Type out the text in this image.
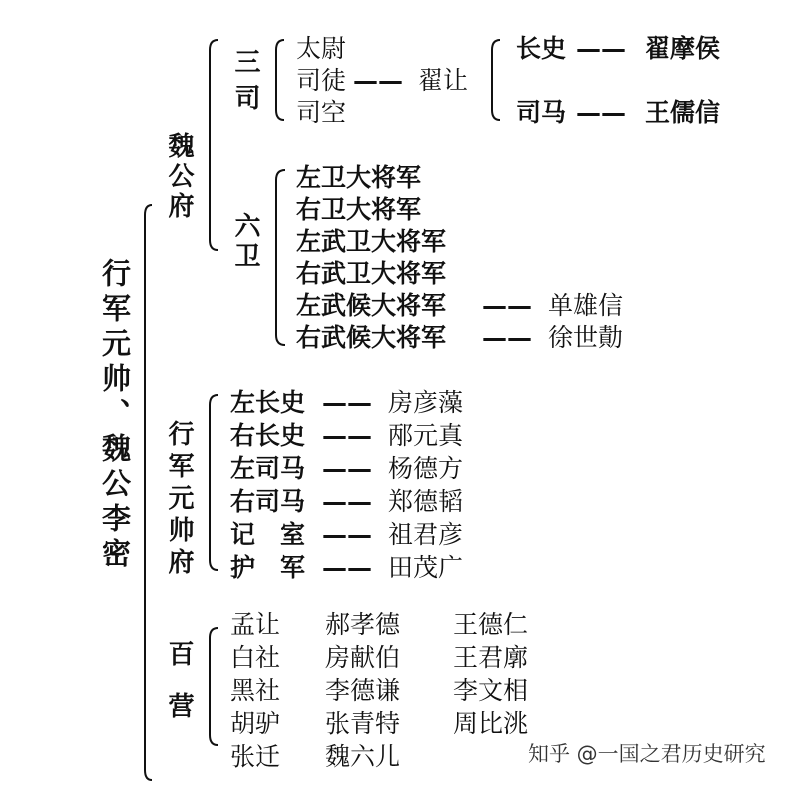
行军元帅、魏公李密
魏公府
三司 太尉
司徒
司空
—— 翟让
长史 —— 翟摩侯
司马 —— 王儒信
六卫
左卫大将军
右卫大将军
左武卫大将军
右武卫大将军
左武候大将军 —— 单雄信
右武候大将军 —— 徐世勣
行军元帅府
左长史 —— 房彦藻
右长史 —— 邴元真
左司马 —— 杨德方
右司马 —— 郑德韬
记　室 —— 祖君彦
护　军 —— 田茂广
百营
孟让 郝孝德 王德仁
白社 房献伯 王君廓
黑社 李德谦 李文相
胡驴 张青特 周比洮
张迁 魏六儿	知乎 @一国之君历史研究
